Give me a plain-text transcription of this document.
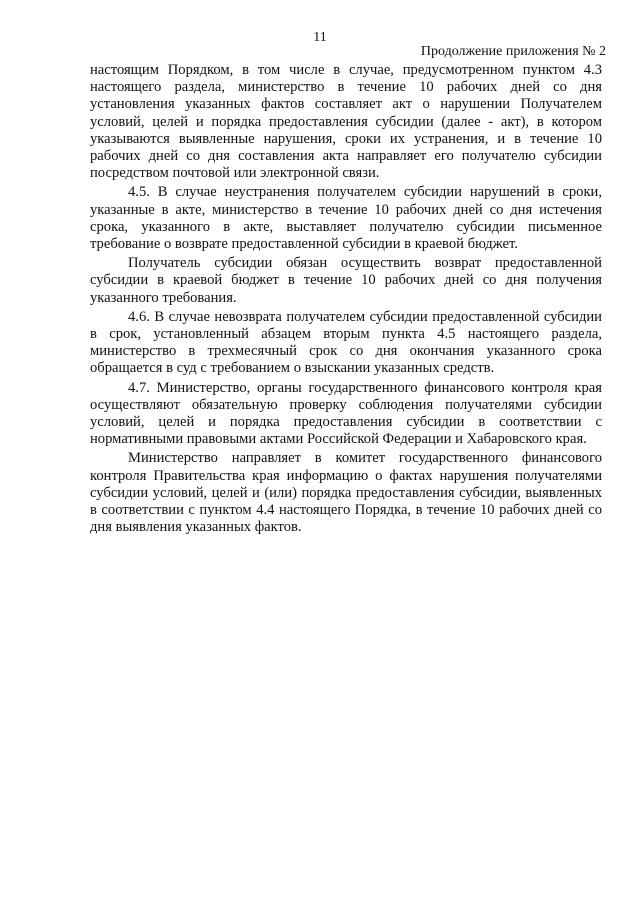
11
Продолжение приложения № 2

настоящим Порядком, в том числе в случае, предусмотренном пунктом 4.3 настоящего раздела, министерство в течение 10 рабочих дней со дня установления указанных фактов составляет акт о нарушении Получателем условий, целей и порядка предоставления субсидии (далее - акт), в котором указываются выявленные нарушения, сроки их устранения, и в течение 10 рабочих дней со дня составления акта направляет его получателю субсидии посредством почтовой или электронной связи.

4.5. В случае неустранения получателем субсидии нарушений в сроки, указанные в акте, министерство в течение 10 рабочих дней со дня истечения срока, указанного в акте, выставляет получателю субсидии письменное требование о возврате предоставленной субсидии в краевой бюджет.

Получатель субсидии обязан осуществить возврат предоставленной субсидии в краевой бюджет в течение 10 рабочих дней со дня получения указанного требования.

4.6. В случае невозврата получателем субсидии предоставленной субсидии в срок, установленный абзацем вторым пункта 4.5 настоящего раздела, министерство в трехмесячный срок со дня окончания указанного срока обращается в суд с требованием о взыскании указанных средств.

4.7. Министерство, органы государственного финансового контроля края осуществляют обязательную проверку соблюдения получателями субсидии условий, целей и порядка предоставления субсидии в соответствии с нормативными правовыми актами Российской Федерации и Хабаровского края.

Министерство направляет в комитет государственного финансового контроля Правительства края информацию о фактах нарушения получателями субсидии условий, целей и (или) порядка предоставления субсидии, выявленных в соответствии с пунктом 4.4 настоящего Порядка, в течение 10 рабочих дней со дня выявления указанных фактов.
